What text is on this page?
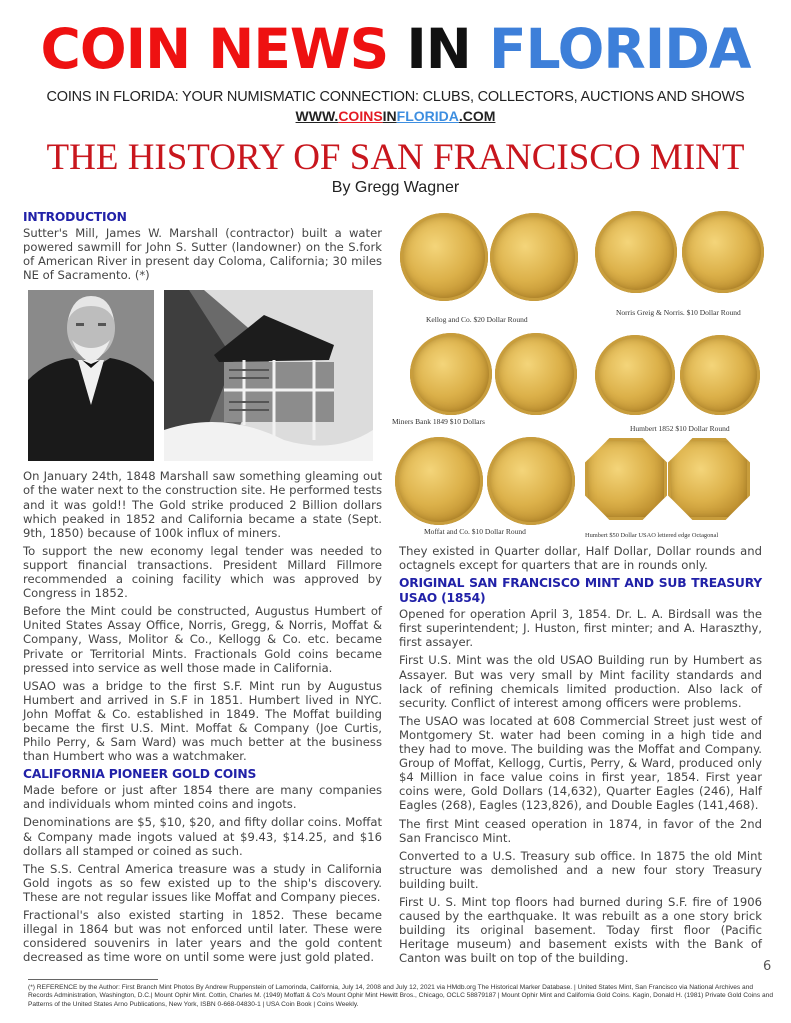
COIN NEWS IN FLORIDA
COINS IN FLORIDA: YOUR NUMISMATIC CONNECTION: CLUBS, COLLECTORS, AUCTIONS AND SHOWS
WWW.COINSINFLORIDA.COM
THE HISTORY OF SAN FRANCISCO MINT
By Gregg Wagner
INTRODUCTION

Sutter's Mill, James W. Marshall (contractor) built a water powered sawmill for John S. Sutter (landowner) on the S.fork of American River in present day Coloma, California; 30 miles NE of Sacramento. (*)

On January 24th, 1848 Marshall saw something gleaming out of the water next to the construction site. He performed tests and it was gold!! The Gold strike produced 2 Billion dollars which peaked in 1852 and California became a state (Sept. 9th, 1850) because of 100k influx of miners.

To support the new economy legal tender was needed to support financial transactions. President Millard Fillmore recommended a coining facility which was approved by Congress in 1852.

Before the Mint could be constructed, Augustus Humbert of United States Assay Office, Norris, Gregg, & Norris, Moffat & Company, Wass, Molitor & Co., Kellogg & Co. etc. became Private or Territorial Mints. Fractionals Gold coins became pressed into service as well those made in California.

USAO was a bridge to the first S.F. Mint run by Augustus Humbert and arrived in S.F in 1851. Humbert lived in NYC. John Moffat & Co. established in 1849. The Moffat building became the first U.S. Mint. Moffat & Company (Joe Curtis, Philo Perry, & Sam Ward) was much better at the business than Humbert who was a watchmaker.

CALIFORNIA PIONEER GOLD COINS

Made before or just after 1854 there are many companies and individuals whom minted coins and ingots.

Denominations are $5, $10, $20, and fifty dollar coins. Moffat & Company made ingots valued at $9.43, $14.25, and $16 dollars all stamped or coined as such.

The S.S. Central America treasure was a study in California Gold ingots as so few existed up to the ship's discovery. These are not regular issues like Moffat and Company pieces.

Fractional's also existed starting in 1852. These became illegal in 1864 but was not enforced until later. These were considered souvenirs in later years and the gold content decreased as time wore on until some were just gold plated.

Kellog and Co. $20 Dollar Round
Norris Greig & Norris. $10 Dollar Round
Miners Bank 1849 $10 Dollars
Humbert 1852 $10 Dollar Round
Moffat and Co. $10 Dollar Round	Humbert $50 Dollar USAO lettered edge Octagonal

They existed in Quarter dollar, Half Dollar, Dollar rounds and octagnels except for quarters that are in rounds only.

ORIGINAL SAN FRANCISCO MINT AND SUB TREASURY USAO (1854)

Opened for operation April 3, 1854. Dr. L. A. Birdsall was the first superintendent; J. Huston, first minter; and A. Haraszthy, first assayer.

First U.S. Mint was the old USAO Building run by Humbert as Assayer. But was very small by Mint facility standards and lack of refining chemicals limited production. Also lack of security. Conflict of interest among officers were problems.

The USAO was located at 608 Commercial Street just west of Montgomery St. water had been coming in a high tide and they had to move. The building was the Moffat and Company. Group of Moffat, Kellogg, Curtis, Perry, & Ward, produced only $4 Million in face value coins in first year, 1854. First year coins were, Gold Dollars (14,632), Quarter Eagles (246), Half Eagles (268), Eagles (123,826), and Double Eagles (141,468).

The first Mint ceased operation in 1874, in favor of the 2nd San Francisco Mint.

Converted to a U.S. Treasury sub office. In 1875 the old Mint structure was demolished and a new four story Treasury building built.

First U. S. Mint top floors had burned during S.F. fire of 1906 caused by the earthquake. It was rebuilt as a one story brick building its original basement. Today first floor (Pacific Heritage museum) and basement exists with the Bank of Canton was built on top of the building.

6
(*) REFERENCE by the Author: First Branch Mint Photos By Andrew Ruppenstein of Lamorinda, California, July 14, 2008 and July 12, 2021 via HMdb.org The Historical Marker Database. | United States Mint, San Francisco via National Archives and Records Administration, Washington, D.C.| Mount Ophir Mint. Cottin, Charles M. (1949) Moffatt & Co's Mount Ophir Mint Hewitt Bros., Chicago, OCLC 58879187 | Mount Ophir Mint and California Gold Coins. Kagin, Donald H. (1981) Private Gold Coins and Patterns of the United States Arno Publications, New York, ISBN 0-668-04830-1 | USA Coin Book | Coins Weekly.
